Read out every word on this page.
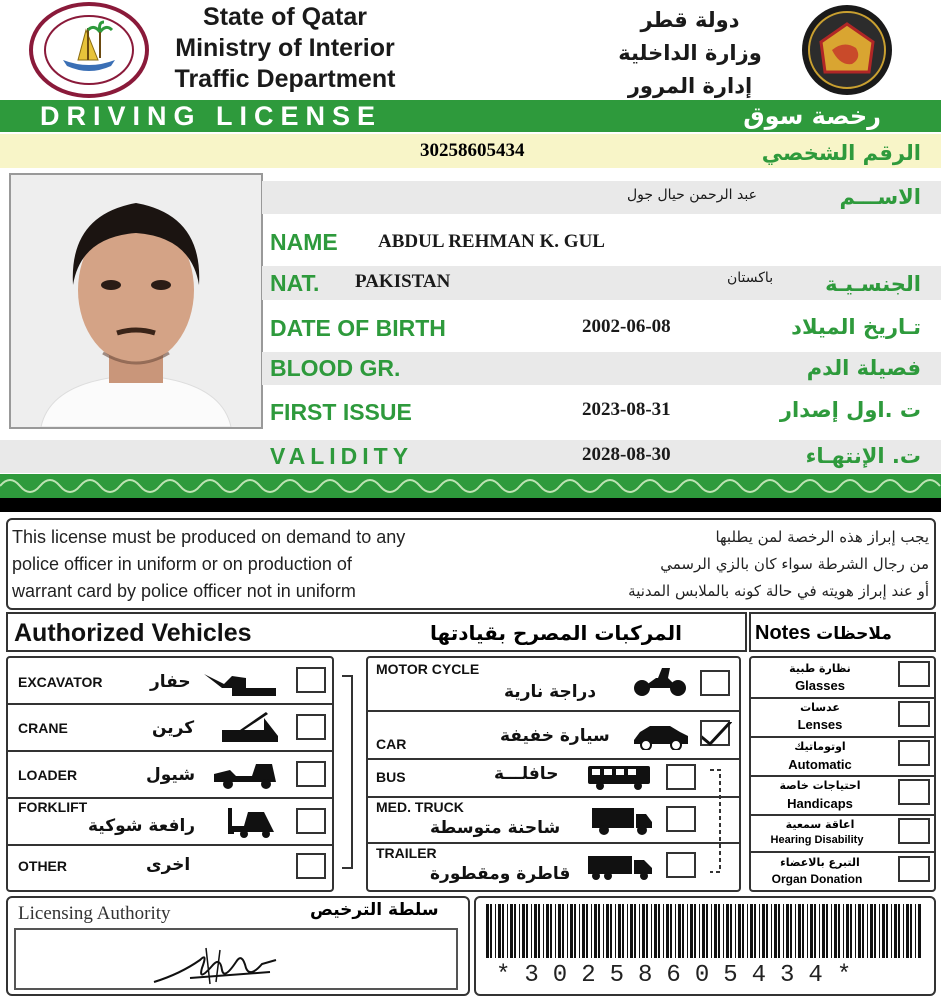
State of Qatar
Ministry of Interior
Traffic Department
دولة قطر
وزارة الداخلية
إدارة المرور
DRIVING LICENSE	رخصة سوق
30258605434	الرقم الشخصي
عبد الرحمن حيال جول	الاســـم
NAME ABDUL REHMAN K. GUL
NAT. PAKISTAN	باكستان الجنسـيـة
DATE OF BIRTH	2002-06-08	تـاريخ الميلاد
BLOOD GR.	فصيلة الدم
FIRST ISSUE	2023-08-31	ت .اول إصدار
VALIDITY	2028-08-30	ت. الإنتهـاء
This license must be produced on demand to any
police officer in uniform or on production of
warrant card by police officer not in uniform
يجب إبراز هذه الرخصة لمن يطلبها
من رجال الشرطة سواء كان بالزي الرسمي
أو عند إبراز هويته في حالة كونه بالملابس المدنية
Authorized Vehicles	المركبات المصرح بقيادتها	Notes ملاحظات
EXCAVATOR	حفار
CRANE	كرين
LOADER	شيول
FORKLIFT
رافعة شوكية
OTHER	اخرى
MOTOR CYCLE
دراجة نارية
CAR	سيارة خفيفة
BUS	حافلـــة
MED. TRUCK
شاحنة متوسطة
TRAILER
قاطرة ومقطورة
نظارة طبية
Glasses
عدسات
Lenses
اوتوماتيك
Automatic
احتياجات خاصة
Handicaps
اعاقة سمعية
Hearing Disability
التبرع بالاعضاء
Organ Donation
Licensing Authority	سلطة الترخيص
*30258605434*
